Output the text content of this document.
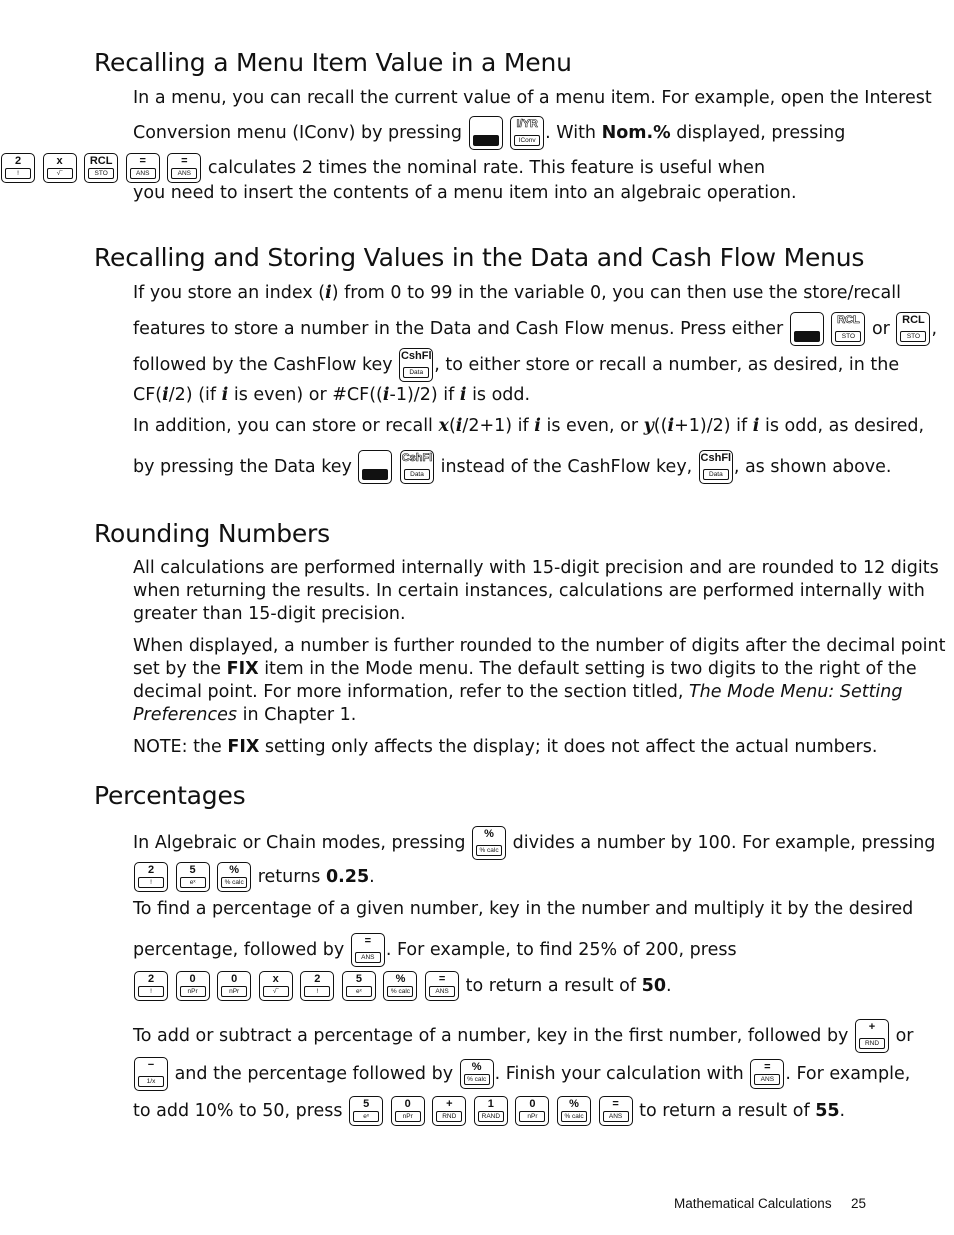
Recalling a Menu Item Value in a Menu

In a menu, you can recall the current value of a menu item. For example, open the Interest

Conversion menu (IConv) by pressing
	I/YR
IConv . With Nom.% displayed, pressing

2
!

x
√‾

RCL
STO

=
ANS

=
ANS calculates 2 times the nominal rate. This feature is useful when

you need to insert the contents of a menu item into an algebraic operation.

Recalling and Storing Values in the Data and Cash Flow Menus

If you store an index (i) from 0 to 99 in the variable 0, you can then use the store/recall

features to store a number in the Data and Cash Flow menus. Press either
	RCL
STO or	RCL
STO ,

followed by the CashFlow key CshFl
Data , to either store or recall a number, as desired, in the

CF(i/2) (if i is even) or #CF((i-1)/2) if i is odd.

In addition, you can store or recall x(i/2+1) if i is even, or y((i+1)/2) if i is odd, as desired,

by pressing the Data key
	CshFl
Data instead of the CashFlow key, CshFl
Data , as shown above.

Rounding Numbers

All calculations are performed internally with 15-digit precision and are rounded to 12 digits

when returning the results. In certain instances, calculations are performed internally with

greater than 15-digit precision.

When displayed, a number is further rounded to the number of digits after the decimal point

set by the FIX item in the Mode menu. The default setting is two digits to the right of the

decimal point. For more information, refer to the section titled, The Mode Menu: Setting

Preferences in Chapter 1.

NOTE: the FIX setting only affects the display; it does not affect the actual numbers.

Percentages

In Algebraic or Chain modes, pressing	%
% calc divides a number by 100. For example, pressing

2
!

5
eˣ

%
% calc returns 0.25.

To find a percentage of a given number, key in the number and multiply it by the desired

percentage, followed by	=
ANS . For example, to find 25% of 200, press

2
!

0
nPr

0
nPr

x
√‾

2
!

5
eˣ

%
% calc

=
ANS to return a result of 50.

To add or subtract a percentage of a number, key in the first number, followed by	+
RND or

−
1/x	and the percentage followed by	%
% calc . Finish your calculation with	=
ANS . For example,

to add 10% to 50, press	5
eˣ

0
nPr

+
RND

1
RAND

0
nPr

%
% calc

=
ANS to return a result of 55.

Mathematical Calculations 25
